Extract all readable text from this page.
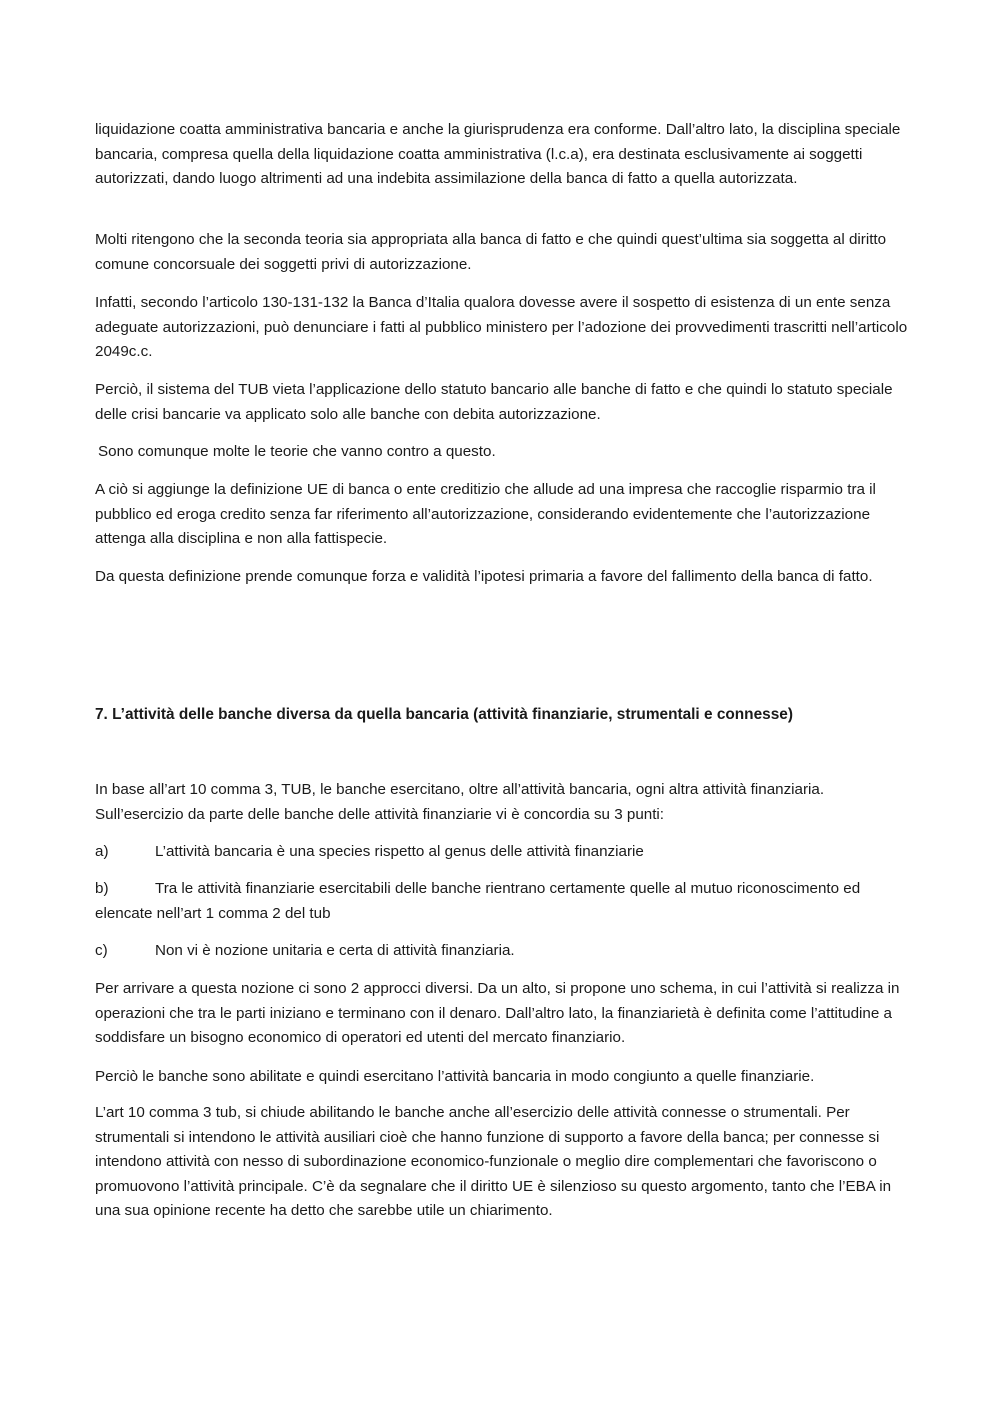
liquidazione coatta amministrativa bancaria e anche la giurisprudenza era conforme. Dall’altro lato, la disciplina speciale bancaria, compresa quella della liquidazione coatta amministrativa (l.c.a), era destinata esclusivamente ai soggetti autorizzati, dando luogo altrimenti ad una indebita assimilazione della banca di fatto a quella autorizzata.

Molti ritengono che la seconda teoria sia appropriata alla banca di fatto e che quindi quest’ultima sia soggetta al diritto comune concorsuale dei soggetti privi di autorizzazione.

Infatti, secondo l’articolo 130-131-132 la Banca d’Italia qualora dovesse avere il sospetto di esistenza di un ente senza adeguate autorizzazioni, può denunciare i fatti al pubblico ministero per l’adozione dei provvedimenti trascritti nell’articolo 2049c.c.

Perciò, il sistema del TUB vieta l’applicazione dello statuto bancario alle banche di fatto e che quindi lo statuto speciale delle crisi bancarie va applicato solo alle banche con debita autorizzazione.

Sono comunque molte le teorie che vanno contro a questo.

A ciò si aggiunge la definizione UE di banca o ente creditizio che allude ad una impresa che raccoglie risparmio tra il pubblico ed eroga credito senza far riferimento all’autorizzazione, considerando evidentemente che l’autorizzazione attenga alla disciplina e non alla fattispecie.

Da questa definizione prende comunque forza e validità l’ipotesi primaria a favore del fallimento della banca di fatto.

7. L’attività delle banche diversa da quella bancaria (attività finanziarie, strumentali e connesse)

In base all’art 10 comma 3, TUB, le banche esercitano, oltre all’attività bancaria, ogni altra attività finanziaria. Sull’esercizio da parte delle banche delle attività finanziarie vi è concordia su 3 punti:

a)	L’attività bancaria è una species rispetto al genus delle attività finanziarie
b)	Tra le attività finanziarie esercitabili delle banche rientrano certamente quelle al mutuo riconoscimento ed elencate nell’art 1 comma 2 del tub
c)	Non vi è nozione unitaria e certa di attività finanziaria.

Per arrivare a questa nozione ci sono 2 approcci diversi. Da un alto, si propone uno schema, in cui l’attività si realizza in operazioni che tra le parti iniziano e terminano con il denaro. Dall’altro lato, la finanziarietà è definita come l’attitudine a soddisfare un bisogno economico di operatori ed utenti del mercato finanziario.

Perciò le banche sono abilitate e quindi esercitano l’attività bancaria in modo congiunto a quelle finanziarie.

L’art 10 comma 3 tub, si chiude abilitando le banche anche all’esercizio delle attività connesse o strumentali. Per strumentali si intendono le attività ausiliari cioè che hanno funzione di supporto a favore della banca; per connesse si intendono attività con nesso di subordinazione economico-funzionale o meglio dire complementari che favoriscono o promuovono l’attività principale. C’è da segnalare che il diritto UE è silenzioso su questo argomento, tanto che l’EBA in una sua opinione recente ha detto che sarebbe utile un chiarimento.
